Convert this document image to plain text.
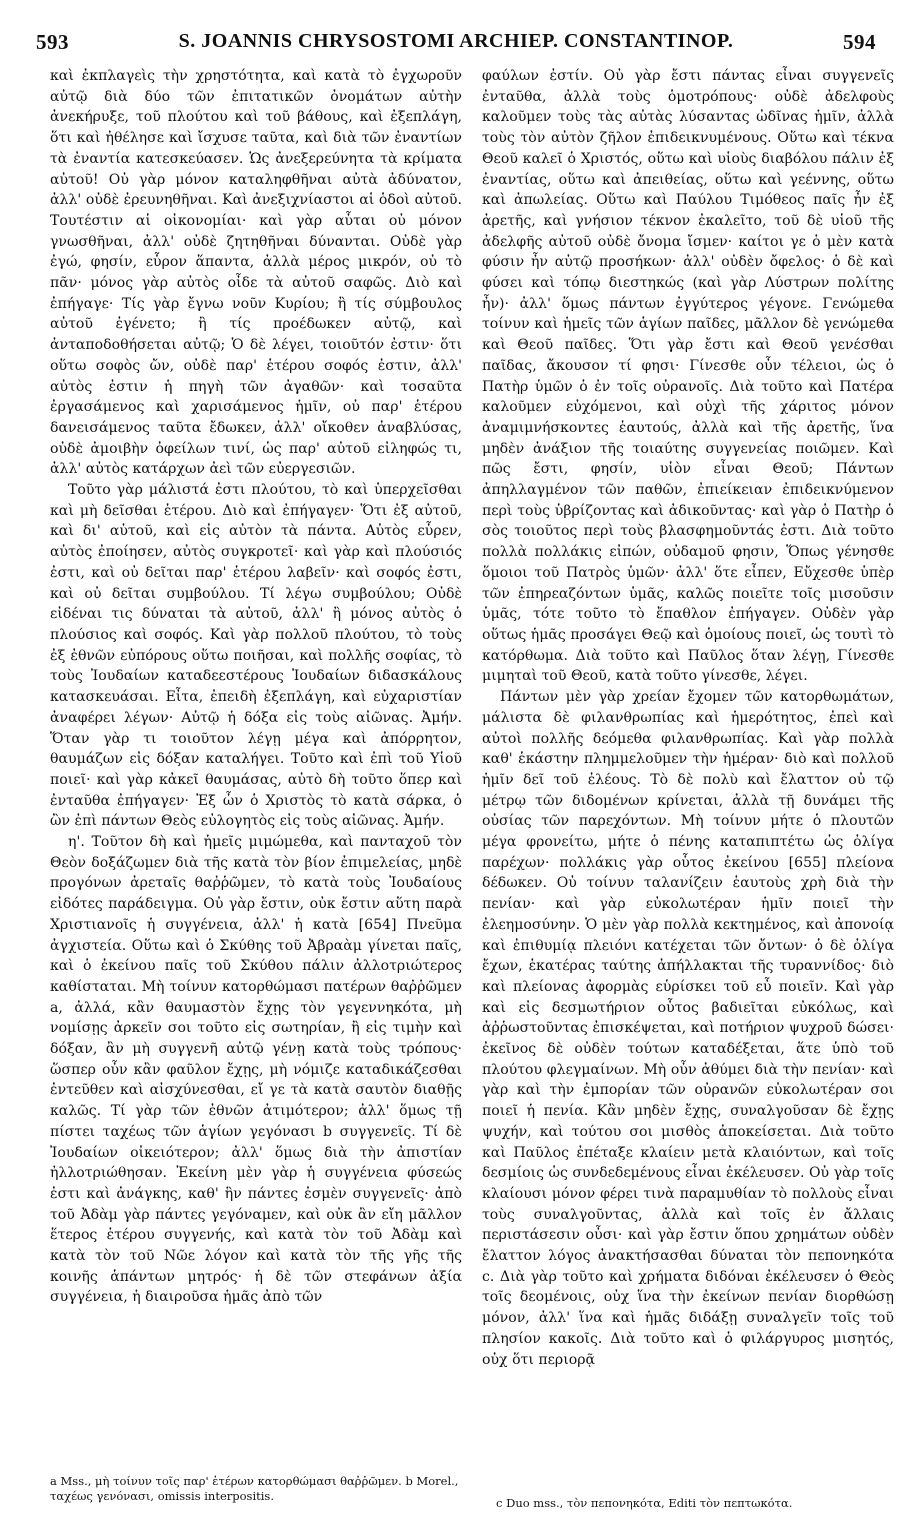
593	S. JOANNIS CHRYSOSTOMI ARCHIEP. CONSTANTINOP.	594

καὶ ἐκπλαγεὶς τὴν χρηστότητα, καὶ κατὰ τὸ ἐγχωροῦν αὐτῷ διὰ δύο τῶν ἐπιτατικῶν ὀνομάτων αὐτὴν ἀνεκήρυξε, τοῦ πλούτου καὶ τοῦ βάθους, καὶ ἐξεπλάγη, ὅτι καὶ ἠθέλησε καὶ ἴσχυσε ταῦτα, καὶ διὰ τῶν ἐναντίων τὰ ἐναντία κατεσκεύασεν. Ὡς ἀνεξερεύνητα τὰ κρίματα αὐτοῦ! Οὐ γὰρ μόνον καταληφθῆναι αὐτὰ ἀδύνατον, ἀλλ' οὐδὲ ἐρευνηθῆναι. Καὶ ἀνεξιχνίαστοι αἱ ὁδοὶ αὐτοῦ. Τουτέστιν αἱ οἰκονομίαι· καὶ γὰρ αὗται οὐ μόνον γνωσθῆναι, ἀλλ' οὐδὲ ζητηθῆναι δύνανται. Οὐδὲ γὰρ ἐγώ, φησίν, εὗρον ἅπαντα, ἀλλὰ μέρος μικρόν, οὐ τὸ πᾶν· μόνος γὰρ αὐτὸς οἶδε τὰ αὐτοῦ σαφῶς. Διὸ καὶ ἐπήγαγε· Τίς γὰρ ἔγνω νοῦν Κυρίου; ἢ τίς σύμβουλος αὐτοῦ ἐγένετο; ἢ τίς προέδωκεν αὐτῷ, καὶ ἀνταποδοθήσεται αὐτῷ; Ὁ δὲ λέγει, τοιοῦτόν ἐστιν· ὅτι οὕτω σοφὸς ὤν, οὐδὲ παρ' ἑτέρου σοφός ἐστιν, ἀλλ' αὐτὸς ἐστιν ἡ πηγὴ τῶν ἀγαθῶν· καὶ τοσαῦτα ἐργασάμενος καὶ χαρισάμενος ἡμῖν, οὐ παρ' ἑτέρου δανεισάμενος ταῦτα ἔδωκεν, ἀλλ' οἴκοθεν ἀναβλύσας, οὐδὲ ἀμοιβὴν ὀφείλων τινί, ὡς παρ' αὐτοῦ εἰληφώς τι, ἀλλ' αὐτὸς κατάρχων ἀεὶ τῶν εὐεργεσιῶν.

Τοῦτο γὰρ μάλιστά ἐστι πλούτου, τὸ καὶ ὑπερχεῖσθαι καὶ μὴ δεῖσθαι ἑτέρου. Διὸ καὶ ἐπήγαγεν· Ὅτι ἐξ αὐτοῦ, καὶ δι' αὐτοῦ, καὶ εἰς αὐτὸν τὰ πάντα. Αὐτὸς εὗρεν, αὐτὸς ἐποίησεν, αὐτὸς συγκροτεῖ· καὶ γὰρ καὶ πλούσιός ἐστι, καὶ οὐ δεῖται παρ' ἑτέρου λαβεῖν· καὶ σοφός ἐστι, καὶ οὐ δεῖται συμβούλου. Τί λέγω συμβούλου; Οὐδὲ εἰδέναι τις δύναται τὰ αὐτοῦ, ἀλλ' ἢ μόνος αὐτὸς ὁ πλούσιος καὶ σοφός. Καὶ γὰρ πολλοῦ πλούτου, τὸ τοὺς ἐξ ἐθνῶν εὐπόρους οὕτω ποιῆσαι, καὶ πολλῆς σοφίας, τὸ τοὺς Ἰουδαίων καταδεεστέρους Ἰουδαίων διδασκάλους κατασκευάσαι. Εἶτα, ἐπειδὴ ἐξεπλάγη, καὶ εὐχαριστίαν ἀναφέρει λέγων· Αὐτῷ ἡ δόξα εἰς τοὺς αἰῶνας. Ἀμήν. Ὅταν γὰρ τι τοιοῦτον λέγῃ μέγα καὶ ἀπόρρητον, θαυμάζων εἰς δόξαν καταλήγει. Τοῦτο καὶ ἐπὶ τοῦ Υἱοῦ ποιεῖ· καὶ γὰρ κἀκεῖ θαυμάσας, αὐτὸ δὴ τοῦτο ὅπερ καὶ ἐνταῦθα ἐπήγαγεν· Ἐξ ὧν ὁ Χριστὸς τὸ κατὰ σάρκα, ὁ ὢν ἐπὶ πάντων Θεὸς εὐλογητὸς εἰς τοὺς αἰῶνας. Ἀμήν.

η'. Τοῦτον δὴ καὶ ἡμεῖς μιμώμεθα, καὶ πανταχοῦ τὸν Θεὸν δοξάζωμεν διὰ τῆς κατὰ τὸν βίον ἐπιμελείας, μηδὲ προγόνων ἀρεταῖς θαῤῥῶμεν, τὸ κατὰ τοὺς Ἰουδαίους εἰδότες παράδειγμα. Οὐ γὰρ ἔστιν, οὐκ ἔστιν αὕτη παρὰ Χριστιανοῖς ἡ συγγένεια, ἀλλ' ἡ κατὰ [654] Πνεῦμα ἀγχιστεία. Οὕτω καὶ ὁ Σκύθης τοῦ Ἀβραὰμ γίνεται παῖς, καὶ ὁ ἐκείνου παῖς τοῦ Σκύθου πάλιν ἀλλοτριώτερος καθίσταται. Μὴ τοίνυν κατορθώμασι πατέρων θαῤῥῶμεν a, ἀλλά, κἂν θαυμαστὸν ἔχῃς τὸν γεγεννηκότα, μὴ νομίσῃς ἀρκεῖν σοι τοῦτο εἰς σωτηρίαν, ἢ εἰς τιμὴν καὶ δόξαν, ἂν μὴ συγγενῆ αὐτῷ γένῃ κατὰ τοὺς τρόπους· ὥσπερ οὖν κἂν φαῦλον ἔχῃς, μὴ νόμιζε καταδικάζεσθαι ἐντεῦθεν καὶ αἰσχύνεσθαι, εἴ γε τὰ κατὰ σαυτὸν διαθῇς καλῶς. Τί γὰρ τῶν ἐθνῶν ἀτιμότερον; ἀλλ' ὅμως τῇ πίστει ταχέως τῶν ἁγίων γεγόνασι b συγγενεῖς. Τί δὲ Ἰουδαίων οἰκειότερον; ἀλλ' ὅμως διὰ τὴν ἀπιστίαν ἠλλοτριώθησαν. Ἐκείνη μὲν γὰρ ἡ συγγένεια φύσεώς ἐστι καὶ ἀνάγκης, καθ' ἣν πάντες ἐσμὲν συγγενεῖς· ἀπὸ τοῦ Ἀδὰμ γὰρ πάντες γεγόναμεν, καὶ οὐκ ἂν εἴη μᾶλλον ἕτερος ἑτέρου συγγενής, καὶ κατὰ τὸν τοῦ Ἀδὰμ καὶ κατὰ τὸν τοῦ Νῶε λόγον καὶ κατὰ τὸν τῆς γῆς τῆς κοινῆς ἁπάντων μητρός· ἡ δὲ τῶν στεφάνων ἀξία συγγένεια, ἡ διαιροῦσα ἡμᾶς ἀπὸ τῶν

φαύλων ἐστίν. Οὐ γὰρ ἔστι πάντας εἶναι συγγενεῖς ἐνταῦθα, ἀλλὰ τοὺς ὁμοτρόπους· οὐδὲ ἀδελφοὺς καλοῦμεν τοὺς τὰς αὐτὰς λύσαντας ὠδῖνας ἡμῖν, ἀλλὰ τοὺς τὸν αὐτὸν ζῆλον ἐπιδεικνυμένους. Οὕτω καὶ τέκνα Θεοῦ καλεῖ ὁ Χριστός, οὕτω καὶ υἱοὺς διαβόλου πάλιν ἐξ ἐναντίας, οὕτω καὶ ἀπειθείας, οὕτω καὶ γεέννης, οὕτω καὶ ἀπωλείας. Οὕτω καὶ Παύλου Τιμόθεος παῖς ἦν ἐξ ἀρετῆς, καὶ γνήσιον τέκνον ἐκαλεῖτο, τοῦ δὲ υἱοῦ τῆς ἀδελφῆς αὐτοῦ οὐδὲ ὄνομα ἴσμεν· καίτοι γε ὁ μὲν κατὰ φύσιν ἦν αὐτῷ προσήκων· ἀλλ' οὐδὲν ὄφελος· ὁ δὲ καὶ φύσει καὶ τόπῳ διεστηκώς (καὶ γὰρ Λύστρων πολίτης ἦν)· ἀλλ' ὅμως πάντων ἐγγύτερος γέγονε. Γενώμεθα τοίνυν καὶ ἡμεῖς τῶν ἁγίων παῖδες, μᾶλλον δὲ γενώμεθα καὶ Θεοῦ παῖδες. Ὅτι γὰρ ἔστι καὶ Θεοῦ γενέσθαι παῖδας, ἄκουσον τί φησι· Γίνεσθε οὖν τέλειοι, ὡς ὁ Πατὴρ ὑμῶν ὁ ἐν τοῖς οὐρανοῖς. Διὰ τοῦτο καὶ Πατέρα καλοῦμεν εὐχόμενοι, καὶ οὐχὶ τῆς χάριτος μόνον ἀναμιμνήσκοντες ἑαυτούς, ἀλλὰ καὶ τῆς ἀρετῆς, ἵνα μηδὲν ἀνάξιον τῆς τοιαύτης συγγενείας ποιῶμεν. Καὶ πῶς ἔστι, φησίν, υἱὸν εἶναι Θεοῦ; Πάντων ἀπηλλαγμένον τῶν παθῶν, ἐπιείκειαν ἐπιδεικνύμενον περὶ τοὺς ὑβρίζοντας καὶ ἀδικοῦντας· καὶ γὰρ ὁ Πατὴρ ὁ σὸς τοιοῦτος περὶ τοὺς βλασφημοῦντάς ἐστι. Διὰ τοῦτο πολλὰ πολλάκις εἰπών, οὐδαμοῦ φησιν, Ὅπως γένησθε ὅμοιοι τοῦ Πατρὸς ὑμῶν· ἀλλ' ὅτε εἶπεν, Εὔχεσθε ὑπὲρ τῶν ἐπηρεαζόντων ὑμᾶς, καλῶς ποιεῖτε τοῖς μισοῦσιν ὑμᾶς, τότε τοῦτο τὸ ἔπαθλον ἐπήγαγεν. Οὐδὲν γὰρ οὕτως ἡμᾶς προσάγει Θεῷ καὶ ὁμοίους ποιεῖ, ὡς τουτὶ τὸ κατόρθωμα. Διὰ τοῦτο καὶ Παῦλος ὅταν λέγῃ, Γίνεσθε μιμηταὶ τοῦ Θεοῦ, κατὰ τοῦτο γίνεσθε, λέγει.

Πάντων μὲν γὰρ χρείαν ἔχομεν τῶν κατορθωμάτων, μάλιστα δὲ φιλανθρωπίας καὶ ἡμερότητος, ἐπεὶ καὶ αὐτοὶ πολλῆς δεόμεθα φιλανθρωπίας. Καὶ γὰρ πολλὰ καθ' ἑκάστην πλημμελοῦμεν τὴν ἡμέραν· διὸ καὶ πολλοῦ ἡμῖν δεῖ τοῦ ἐλέους. Τὸ δὲ πολὺ καὶ ἔλαττον οὐ τῷ μέτρῳ τῶν διδομένων κρίνεται, ἀλλὰ τῇ δυνάμει τῆς οὐσίας τῶν παρεχόντων. Μὴ τοίνυν μήτε ὁ πλουτῶν μέγα φρονείτω, μήτε ὁ πένης καταπιπτέτω ὡς ὀλίγα παρέχων· πολλάκις γὰρ οὗτος ἐκείνου [655] πλείονα δέδωκεν. Οὐ τοίνυν ταλανίζειν ἑαυτοὺς χρὴ διὰ τὴν πενίαν· καὶ γὰρ εὐκολωτέραν ἡμῖν ποιεῖ τὴν ἐλεημοσύνην. Ὁ μὲν γὰρ πολλὰ κεκτημένος, καὶ ἀπονοίᾳ καὶ ἐπιθυμίᾳ πλειόνι κατέχεται τῶν ὄντων· ὁ δὲ ὀλίγα ἔχων, ἑκατέρας ταύτης ἀπήλλακται τῆς τυραννίδος· διὸ καὶ πλείονας ἀφορμὰς εὑρίσκει τοῦ εὖ ποιεῖν. Καὶ γὰρ καὶ εἰς δεσμωτήριον οὗτος βαδιεῖται εὐκόλως, καὶ ἀῤῥωστοῦντας ἐπισκέψεται, καὶ ποτήριον ψυχροῦ δώσει· ἐκεῖνος δὲ οὐδὲν τούτων καταδέξεται, ἅτε ὑπὸ τοῦ πλούτου φλεγμαίνων. Μὴ οὖν ἀθύμει διὰ τὴν πενίαν· καὶ γὰρ καὶ τὴν ἐμπορίαν τῶν οὐρανῶν εὐκολωτέραν σοι ποιεῖ ἡ πενία. Κἂν μηδὲν ἔχῃς, συναλγοῦσαν δὲ ἔχῃς ψυχήν, καὶ τούτου σοι μισθὸς ἀποκείσεται. Διὰ τοῦτο καὶ Παῦλος ἐπέταξε κλαίειν μετὰ κλαιόντων, καὶ τοῖς δεσμίοις ὡς συνδεδεμένους εἶναι ἐκέλευσεν. Οὐ γὰρ τοῖς κλαίουσι μόνον φέρει τινὰ παραμυθίαν τὸ πολλοὺς εἶναι τοὺς συναλγοῦντας, ἀλλὰ καὶ τοῖς ἐν ἄλλαις περιστάσεσιν οὖσι· καὶ γὰρ ἔστιν ὅπου χρημάτων οὐδὲν ἔλαττον λόγος ἀνακτήσασθαι δύναται τὸν πεπονηκότα c. Διὰ γὰρ τοῦτο καὶ χρήματα διδόναι ἐκέλευσεν ὁ Θεὸς τοῖς δεομένοις, οὐχ ἵνα τὴν ἐκείνων πενίαν διορθώσῃ μόνον, ἀλλ' ἵνα καὶ ἡμᾶς διδάξῃ συναλγεῖν τοῖς τοῦ πλησίον κακοῖς. Διὰ τοῦτο καὶ ὁ φιλάργυρος μισητός, οὐχ ὅτι περιορᾷ

a Mss., μὴ τοίνυν τοῖς παρ' ἑτέρων κατορθώμασι θαῤῥῶμεν. b Morel., ταχέως γενόνασι, omissis interpositis.	c Duo mss., τὸν πεπονηκότα, Editi τὸν πεπτωκότα.
